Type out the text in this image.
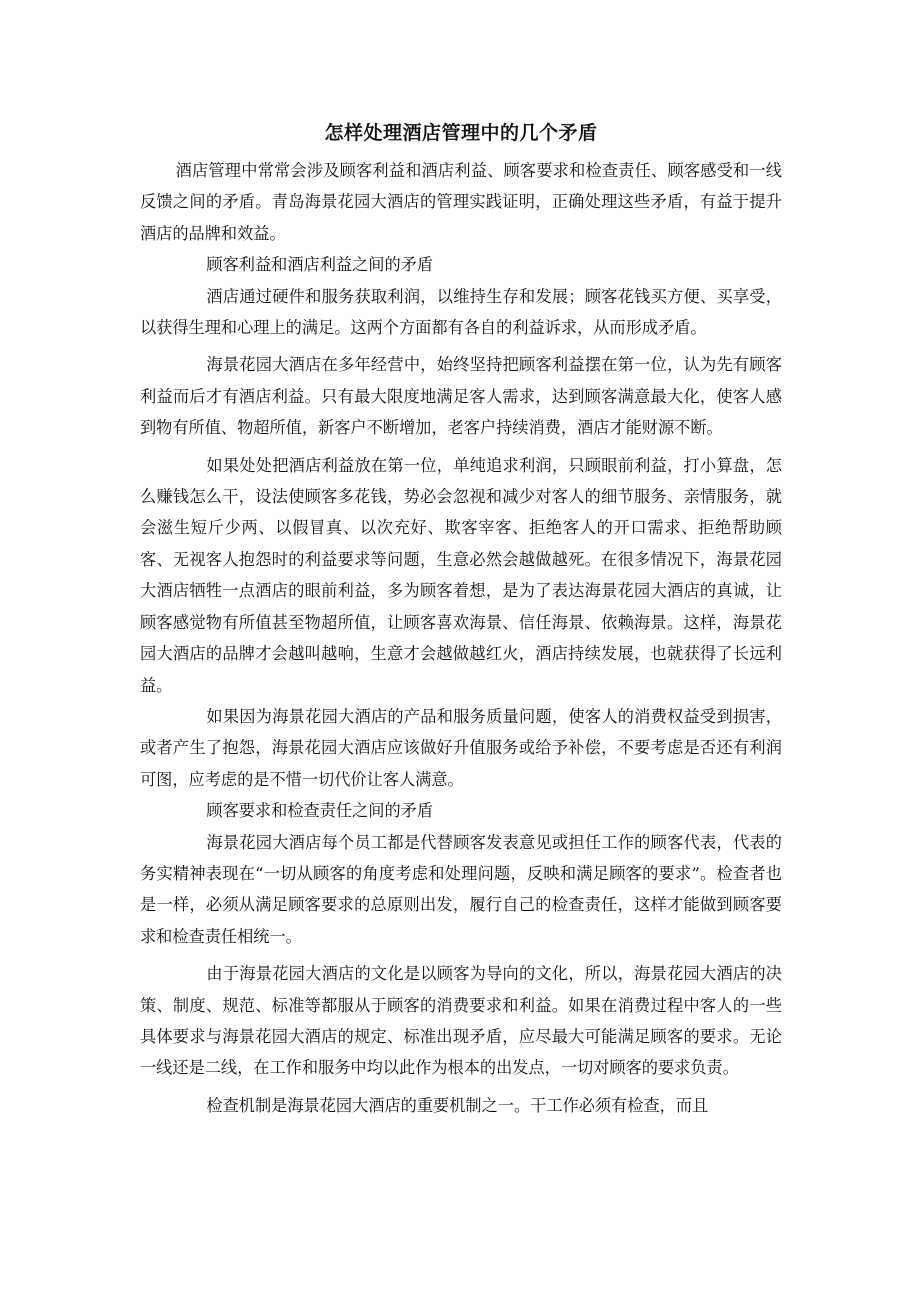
怎样处理酒店管理中的几个矛盾

酒店管理中常常会涉及顾客利益和酒店利益、顾客要求和检查责任、顾客感受和一线反馈之间的矛盾。青岛海景花园大酒店的管理实践证明，正确处理这些矛盾，有益于提升酒店的品牌和效益。

顾客利益和酒店利益之间的矛盾

酒店通过硬件和服务获取利润，以维持生存和发展；顾客花钱买方便、买享受，以获得生理和心理上的满足。这两个方面都有各自的利益诉求，从而形成矛盾。

海景花园大酒店在多年经营中，始终坚持把顾客利益摆在第一位，认为先有顾客利益而后才有酒店利益。只有最大限度地满足客人需求，达到顾客满意最大化，使客人感到物有所值、物超所值，新客户不断增加，老客户持续消费，酒店才能财源不断。

如果处处把酒店利益放在第一位，单纯追求利润，只顾眼前利益，打小算盘，怎么赚钱怎么干，设法使顾客多花钱，势必会忽视和减少对客人的细节服务、亲情服务，就会滋生短斤少两、以假冒真、以次充好、欺客宰客、拒绝客人的开口需求、拒绝帮助顾客、无视客人抱怨时的利益要求等问题，生意必然会越做越死。在很多情况下，海景花园大酒店牺牲一点酒店的眼前利益，多为顾客着想，是为了表达海景花园大酒店的真诚，让顾客感觉物有所值甚至物超所值，让顾客喜欢海景、信任海景、依赖海景。这样，海景花园大酒店的品牌才会越叫越响，生意才会越做越红火，酒店持续发展，也就获得了长远利益。

如果因为海景花园大酒店的产品和服务质量问题，使客人的消费权益受到损害，或者产生了抱怨，海景花园大酒店应该做好升值服务或给予补偿，不要考虑是否还有利润可图，应考虑的是不惜一切代价让客人满意。

顾客要求和检查责任之间的矛盾

海景花园大酒店每个员工都是代替顾客发表意见或担任工作的顾客代表，代表的务实精神表现在“一切从顾客的角度考虑和处理问题，反映和满足顾客的要求”。检查者也是一样，必须从满足顾客要求的总原则出发，履行自己的检查责任，这样才能做到顾客要求和检查责任相统一。

由于海景花园大酒店的文化是以顾客为导向的文化，所以，海景花园大酒店的决策、制度、规范、标准等都服从于顾客的消费要求和利益。如果在消费过程中客人的一些具体要求与海景花园大酒店的规定、标准出现矛盾，应尽最大可能满足顾客的要求。无论一线还是二线，在工作和服务中均以此作为根本的出发点，一切对顾客的要求负责。

检查机制是海景花园大酒店的重要机制之一。干工作必须有检查，而且
